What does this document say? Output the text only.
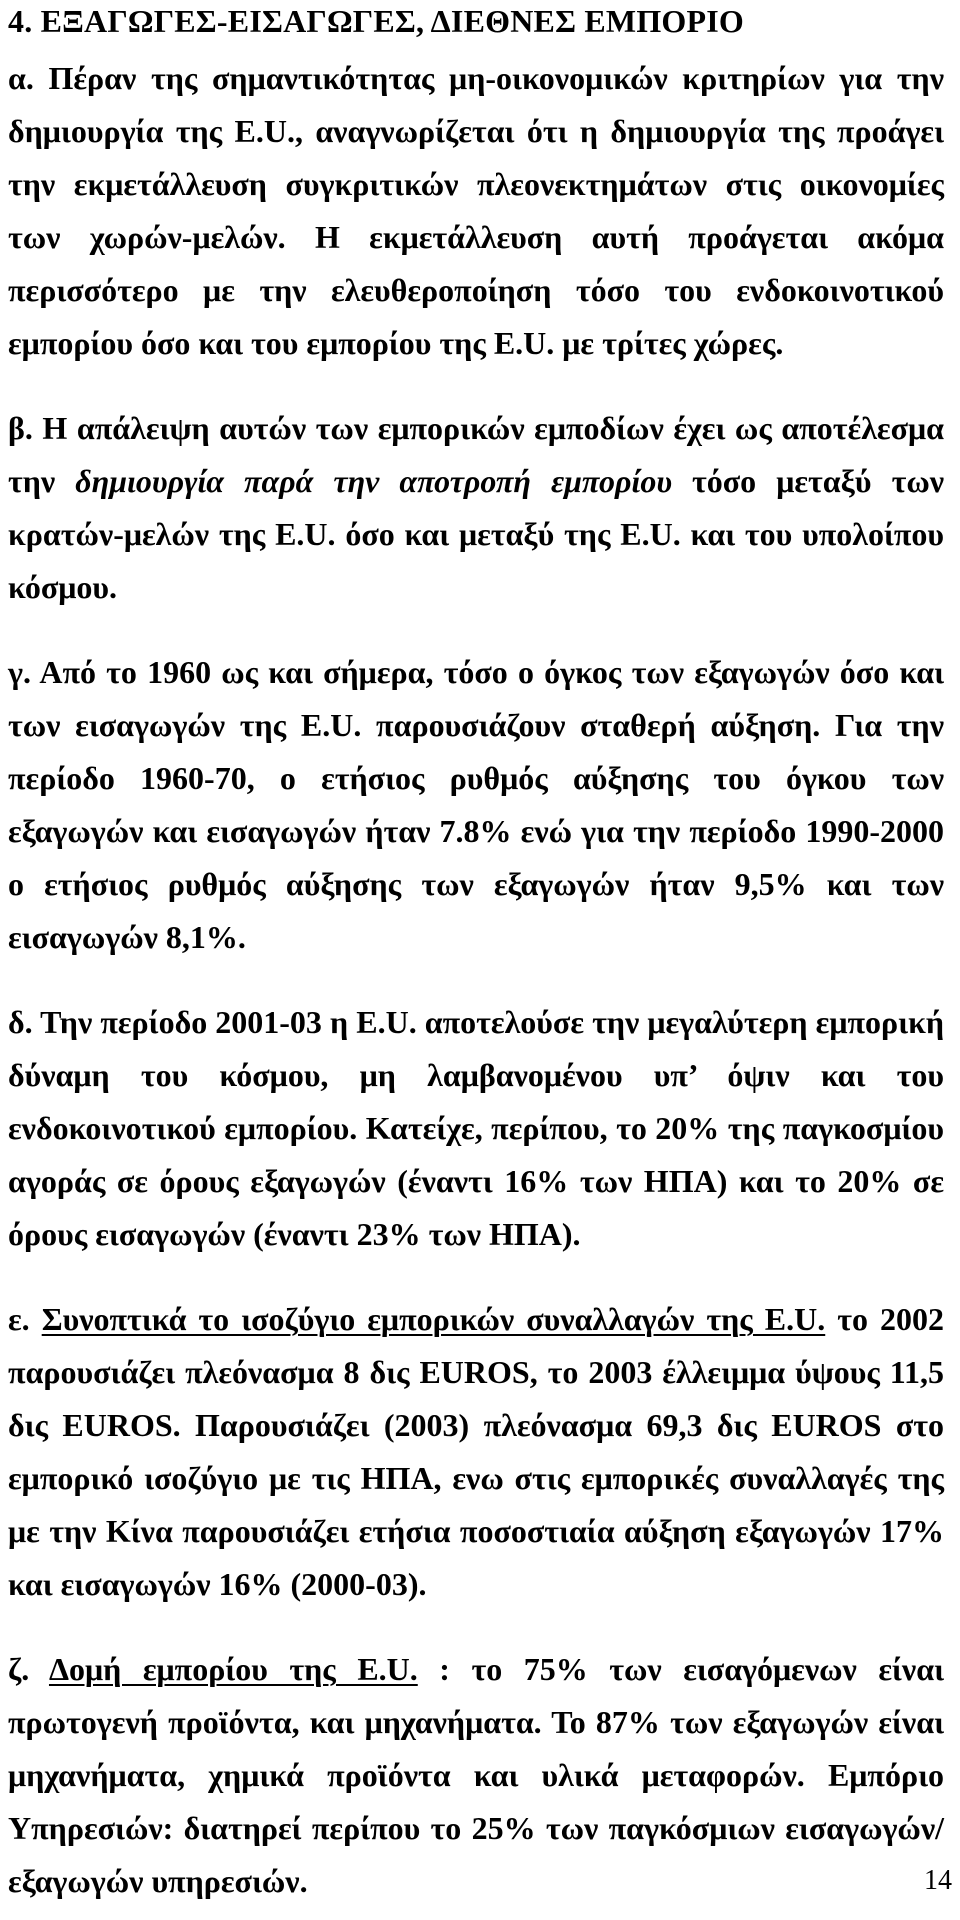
4. ΕΞΑΓΩΓΕΣ-ΕΙΣΑΓΩΓΕΣ, ΔΙΕΘΝΕΣ ΕΜΠΟΡΙΟ

α. Πέραν της σημαντικότητας μη-οικονομικών κριτηρίων για την δημιουργία της Ε.U., αναγνωρίζεται ότι η δημιουργία της προάγει την εκμετάλλευση συγκριτικών πλεονεκτημάτων στις οικονομίες των χωρών-μελών. Η εκμετάλλευση αυτή προάγεται ακόμα περισσότερο με την ελευθεροποίηση τόσο του ενδοκοινοτικού εμπορίου όσο και του εμπορίου της Ε.U. με τρίτες χώρες.

β. Η απάλειψη αυτών των εμπορικών εμποδίων έχει ως αποτέλεσμα την δημιουργία παρά την αποτροπή εμπορίου τόσο μεταξύ των κρατών-μελών της Ε.U. όσο και μεταξύ της Ε.U. και του υπολοίπου κόσμου.

γ. Από το 1960 ως και σήμερα, τόσο ο όγκος των εξαγωγών όσο και των εισαγωγών της Ε.U. παρουσιάζουν σταθερή αύξηση. Για την περίοδο 1960-70, ο ετήσιος ρυθμός αύξησης του όγκου των εξαγωγών και εισαγωγών ήταν 7.8% ενώ για την περίοδο 1990-2000 ο ετήσιος ρυθμός αύξησης των εξαγωγών ήταν 9,5% και των εισαγωγών 8,1%.

δ. Την περίοδο 2001-03 η Ε.U. αποτελούσε την μεγαλύτερη εμπορική δύναμη του κόσμου, μη λαμβανομένου υπ’ όψιν και του ενδοκοινοτικού εμπορίου. Κατείχε, περίπου, το 20% της παγκοσμίου αγοράς σε όρους εξαγωγών (έναντι 16% των ΗΠΑ) και το 20% σε όρους εισαγωγών (έναντι 23% των ΗΠΑ).

ε. Συνοπτικά το ισοζύγιο εμπορικών συναλλαγών της Ε.U. το 2002 παρουσιάζει πλεόνασμα 8 δις EUROS, το 2003 έλλειμμα ύψους 11,5 δις EUROS. Παρουσιάζει (2003) πλεόνασμα 69,3 δις EUROS στο εμπορικό ισοζύγιο με τις ΗΠΑ, ενω στις εμπορικές συναλλαγές της με την Κίνα παρουσιάζει ετήσια ποσοστιαία αύξηση εξαγωγών 17% και εισαγωγών 16% (2000-03).

ζ. Δομή εμπορίου της Ε.U. : το 75% των εισαγόμενων είναι πρωτογενή προϊόντα, και μηχανήματα. Το 87% των εξαγωγών είναι μηχανήματα, χημικά προϊόντα και υλικά μεταφορών. Εμπόριο Υπηρεσιών: διατηρεί περίπου το 25% των παγκόσμιων εισαγωγών/εξαγωγών υπηρεσιών.	14
